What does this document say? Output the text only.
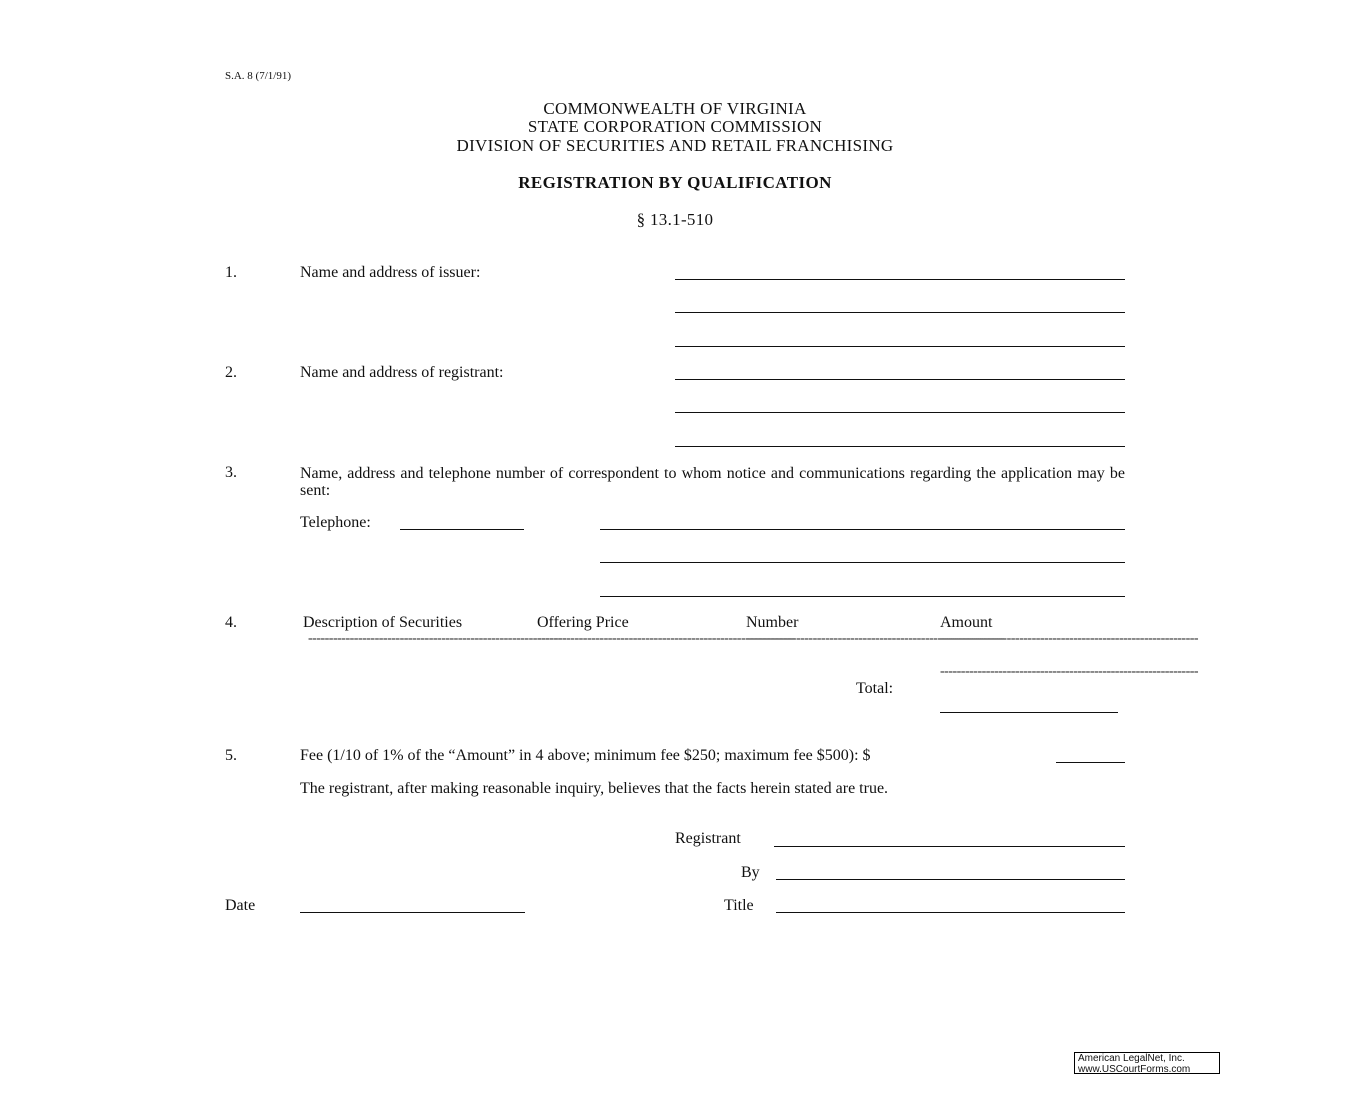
S.A. 8 (7/1/91)
COMMONWEALTH OF VIRGINIA
STATE CORPORATION COMMISSION
DIVISION OF SECURITIES AND RETAIL FRANCHISING
REGISTRATION BY QUALIFICATION
§ 13.1-510
1.	Name and address of issuer:
2.	Name and address of registrant:
3.	Name, address and telephone number of correspondent to whom notice and communications regarding the application may be sent:
Telephone:
4.	Description of Securities	Offering Price	Number	Amount
--------------------------------------------------------------
--------------------------------------------------------------
--------------------------------------------------------------
--------------------------------------------------------------
--------------------------------------------------------------
Total:
5.	Fee (1/10 of 1% of the “Amount” in 4 above; minimum fee $250; maximum fee $500): $
The registrant, after making reasonable inquiry, believes that the facts herein stated are true.
Registrant
By
Date	Title
American LegalNet, Inc.
www.USCourtForms.com
